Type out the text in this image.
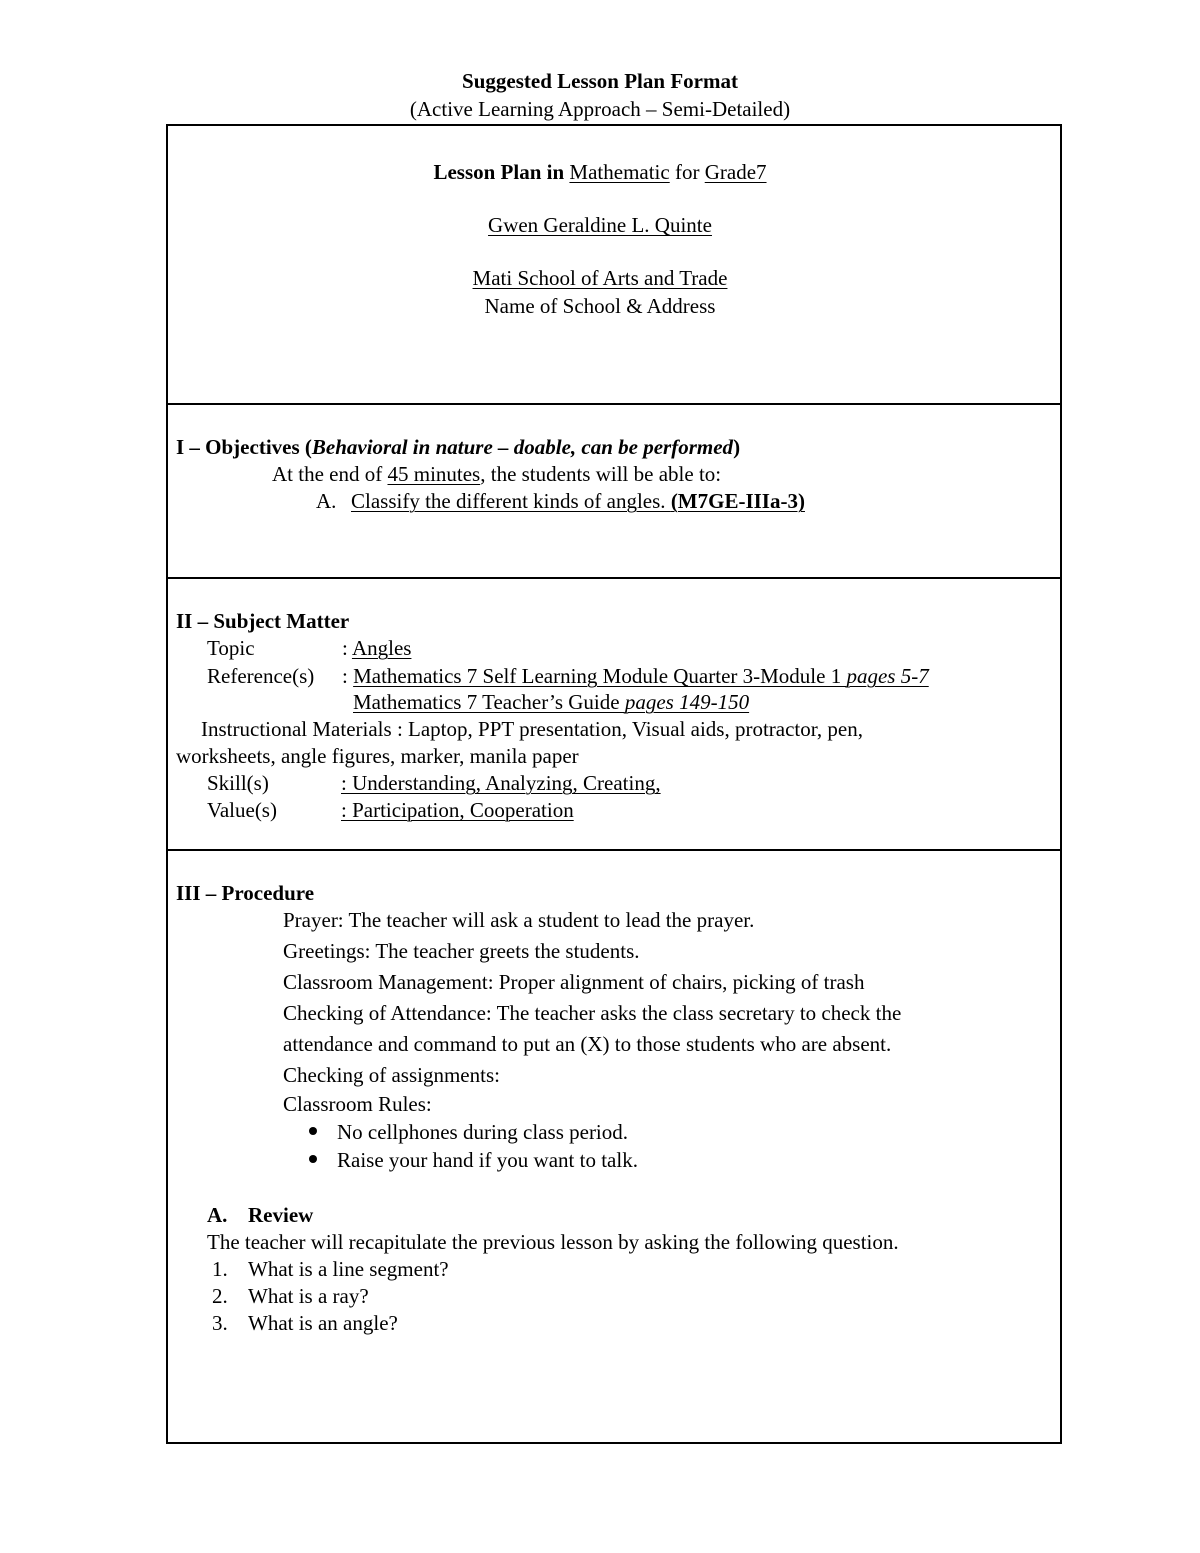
Suggested Lesson Plan Format
(Active Learning Approach – Semi-Detailed)
Lesson Plan in Mathematic for Grade7
Gwen Geraldine L. Quinte
Mati School of Arts and Trade
Name of School & Address
I – Objectives (Behavioral in nature – doable, can be performed)
At the end of 45 minutes, the students will be able to:
A. Classify the different kinds of angles. (M7GE-IIIa-3)
II – Subject Matter
Topic	: Angles
Reference(s) : Mathematics 7 Self Learning Module Quarter 3-Module 1 pages 5-7
Mathematics 7 Teacher’s Guide pages 149-150
Instructional Materials : Laptop, PPT presentation, Visual aids, protractor, pen,
worksheets, angle figures, marker, manila paper
Skill(s)	: Understanding, Analyzing, Creating,
Value(s)	: Participation, Cooperation
III – Procedure
Prayer: The teacher will ask a student to lead the prayer.
Greetings: The teacher greets the students.
Classroom Management: Proper alignment of chairs, picking of trash
Checking of Attendance: The teacher asks the class secretary to check the
attendance and command to put an (X) to those students who are absent.
Checking of assignments:
Classroom Rules:
No cellphones during class period.
Raise your hand if you want to talk.
A. Review
The teacher will recapitulate the previous lesson by asking the following question.
1. What is a line segment?
2. What is a ray?
3. What is an angle?
